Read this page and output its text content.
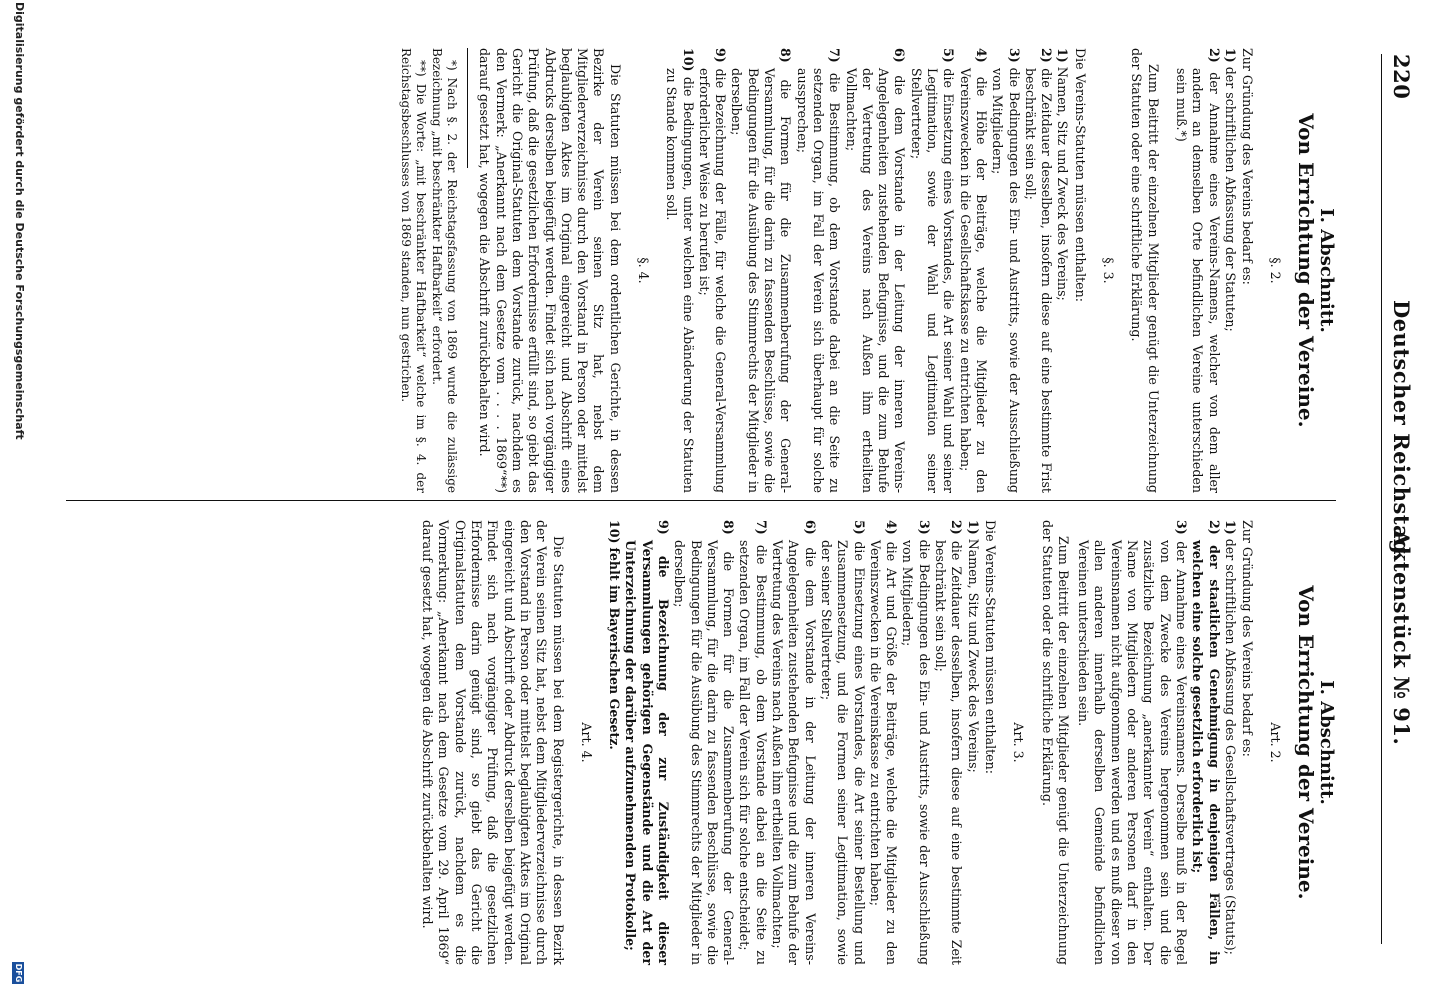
220
Deutscher Reichstag.
Aktenstück № 91.
I. Abschnitt.
Von Errichtung der Vereine.
§. 2.

Zur Gründung des Vereins bedarf es:

1) der schriftlichen Abfassung der Statuten;
2) der Annahme eines Vereins-Namens, welcher von dem aller andern an demselben Orte befindlichen Vereine unterschieden sein muß.*)

Zum Beitritt der einzelnen Mitglieder genügt die Unterzeichnung der Statuten oder eine schriftliche Erklärung.

§. 3.

Die Vereins-Statuten müssen enthalten:

1) Namen, Sitz und Zweck des Vereins;
2) die Zeitdauer desselben, insofern diese auf eine bestimmte Frist beschränkt sein soll;
3) die Bedingungen des Ein- und Austritts, sowie der Ausschließung von Mitgliedern;
4) die Höhe der Beiträge, welche die Mitglieder zu den Vereinszwecken in die Gesellschaftskasse zu entrichten haben;
5) die Einsetzung eines Vorstandes, die Art seiner Wahl und seiner Legitimation, sowie der Wahl und Legitimation seiner Stellvertreter;
6) die dem Vorstande in der Leitung der inneren Vereins-Angelegenheiten zustehenden Befugnisse, und die zum Behufe der Vertretung des Vereins nach Außen ihm ertheilten Vollmachten;
7) die Bestimmung, ob dem Vorstande dabei an die Seite zu setzenden Organ, im Fall der Verein sich überhaupt für solche aussprechen;
8) die Formen für die Zusammenberufung der General-Versammlung, für die darin zu fassenden Beschlüsse, sowie die Bedingungen für die Ausübung des Stimmrechts der Mitglieder in derselben;
9) die Bezeichnung der Fälle, für welche die General-Versammlung erforderlicher Weise zu berufen ist;
10) die Bedingungen, unter welchen eine Abänderung der Statuten zu Stande kommen soll.
§. 4.

Die Statuten müssen bei dem ordentlichen Gerichte, in dessen Bezirke der Verein seinen Sitz hat, nebst dem Mitgliederverzeichnisse durch den Vorstand in Person oder mittelst beglaubigten Aktes im Original eingereicht und Abschrift eines Abdrucks derselben beigefügt werden. Findet sich nach vorgängiger Prüfung, daß die gesetzlichen Erfordernisse erfüllt sind, so giebt das Gericht die Original-Statuten dem Vorstande zurück, nachdem es den Vermerk: „Anerkannt nach dem Gesetze vom . . . . 1869“**) darauf gesetzt hat, wogegen die Abschrift zurückbehalten wird.

*) Nach §. 2. der Reichstagsfassung von 1869 wurde die zulässige Bezeichnung „mit beschränkter Haftbarkeit“ erfordert.

**) Die Worte: „mit beschränkter Haftbarkeit“ welche im §. 4. der Reichstagsbeschlusses von 1869 standen, nun gestrichen.

I. Abschnitt.
Von Errichtung der Vereine.
Art. 2.

Zur Gründung des Vereins bedarf es:

1) der schriftlichen Abfassung des Gesellschaftsvertrages (Statuts);
2) der staatlichen Genehmigung in denjenigen Fällen, in welchen eine solche gesetzlich erforderlich ist;
3) der Annahme eines Vereinsnamens. Derselbe muß in der Regel von dem Zwecke des Vereins hergenommen sein und die zusätzliche Bezeichnung „anerkannter Verein“ enthalten. Der Name von Mitgliedern oder anderen Personen darf in den Vereinsnamen nicht aufgenommen werden und es muß dieser von allen anderen innerhalb derselben Gemeinde befindlichen Vereinen unterschieden sein.

Zum Beitritt der einzelnen Mitglieder genügt die Unterzeichnung der Statuten oder die schriftliche Erklärung.

Art. 3.

Die Vereins-Statuten müssen enthalten:

1) Namen, Sitz und Zweck des Vereins;
2) die Zeitdauer desselben, insofern diese auf eine bestimmte Zeit beschränkt sein soll;
3) die Bedingungen des Ein- und Austritts, sowie der Ausschließung von Mitgliedern;
4) die Art und Größe der Beiträge, welche die Mitglieder zu den Vereinszwecken in die Vereinskasse zu entrichten haben;
5) die Einsetzung eines Vorstandes, die Art seiner Bestellung und Zusammensetzung, und die Formen seiner Legitimation, sowie der seiner Stellvertreter;
6) die dem Vorstande in der Leitung der inneren Vereins-Angelegenheiten zustehenden Befugnisse und die zum Behufe der Vertretung des Vereins nach Außen ihm ertheilten Vollmachten;
7) die Bestimmung, ob dem Vorstande dabei an die Seite zu setzenden Organ, im Fall der Verein sich für solche entscheidet;
8) die Formen für die Zusammenberufung der General-Versammlung, für die darin zu fassenden Beschlüsse, sowie die Bedingungen für die Ausübung des Stimmrechts der Mitglieder in derselben;
9) die Bezeichnung der zur Zuständigkeit dieser Versammlungen gehörigen Gegenstände und die Art der Unterzeichnung der darüber aufzunehmenden Protokolle;
10) fehlt im Bayerischen Gesetz.
Art. 4.

Die Statuten müssen bei dem Registergerichte, in dessen Bezirk der Verein seinen Sitz hat, nebst dem Mitgliederverzeichnisse durch den Vorstand in Person oder mittelst beglaubigten Aktes im Original eingereicht und Abschrift oder Abdruck derselben beigefügt werden. Findet sich nach vorgängiger Prüfung, daß die gesetzlichen Erfordernisse darin genügt sind, so giebt das Gericht die Originalstatuten dem Vorstande zurück, nachdem es die Vormerkung: „Anerkannt nach dem Gesetze vom 29. April 1869“ darauf gesetzt hat, wogegen die Abschrift zurückbehalten wird.

Digitalisierung gefördert durch die Deutsche Forschungsgemeinschaft
DFG
